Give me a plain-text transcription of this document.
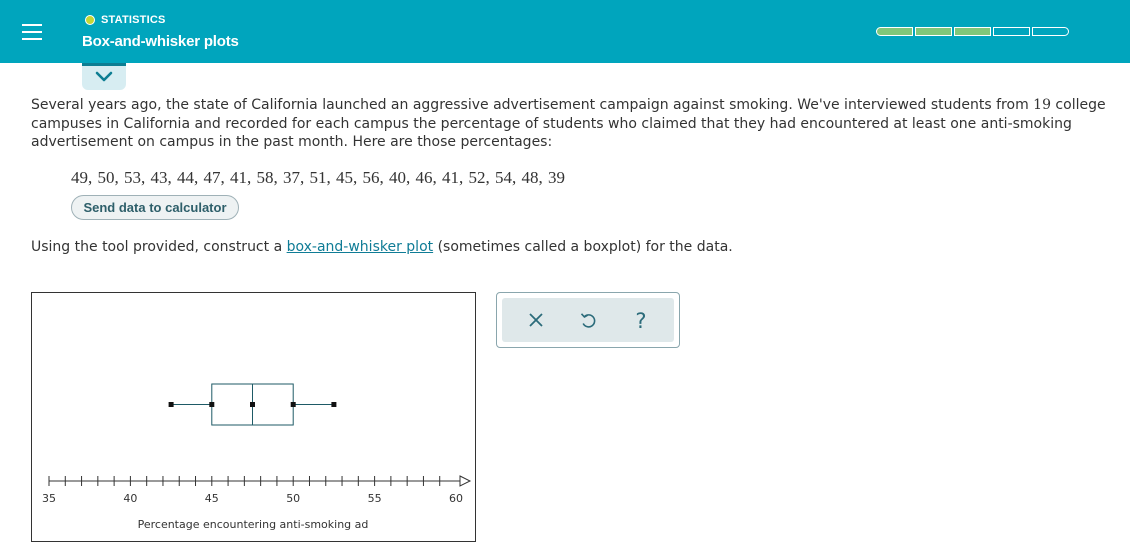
STATISTICS
Box-and-whisker plots
Several years ago, the state of California launched an aggressive advertisement campaign against smoking. We've interviewed students from 19 college campuses in California and recorded for each campus the percentage of students who claimed that they had encountered at least one anti-smoking advertisement on campus in the past month. Here are those percentages:
49, 50, 53, 43, 44, 47, 41, 58, 37, 51, 45, 56, 40, 46, 41, 52, 54, 48, 39
Send data to calculator
Using the tool provided, construct a box-and-whisker plot (sometimes called a boxplot) for the data.
35	40	45	50	55	60
Percentage encountering anti-smoking ad
?
